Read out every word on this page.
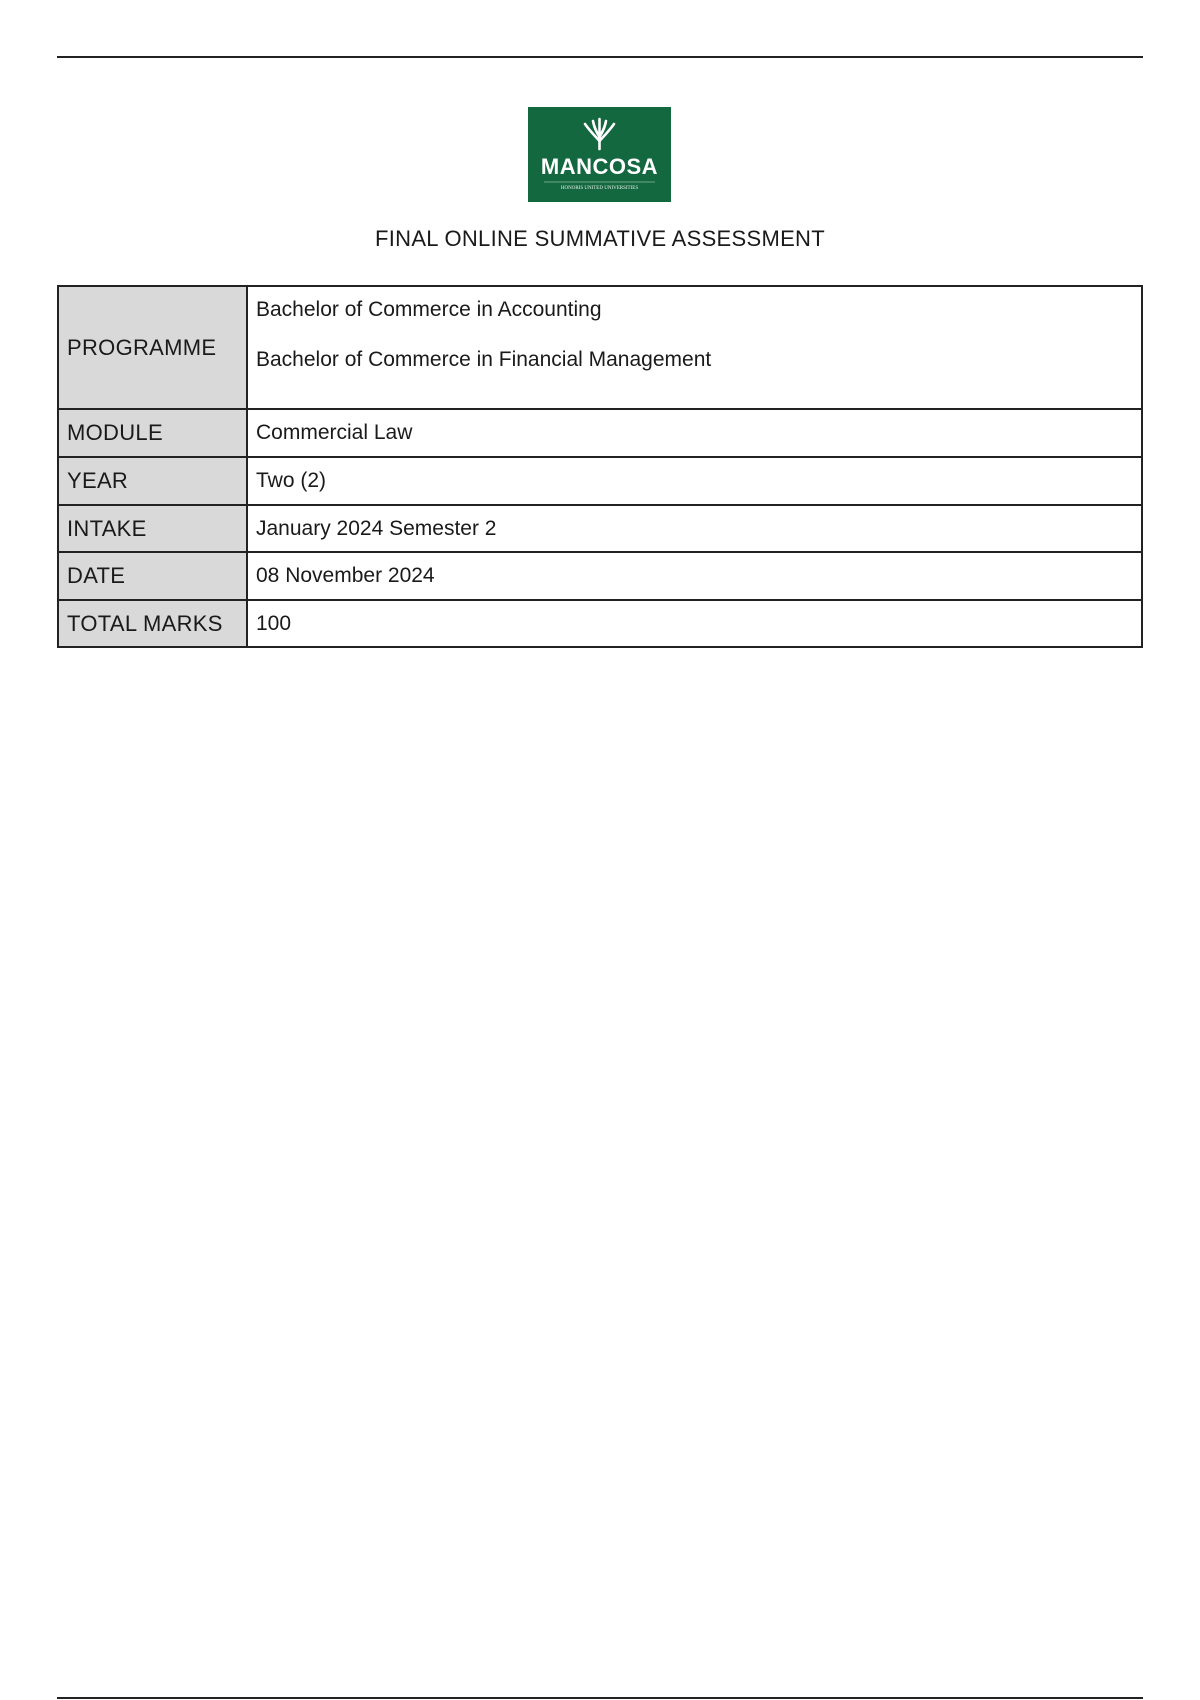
MANCOSA
HONORIS UNITED UNIVERSITIES
FINAL ONLINE SUMMATIVE ASSESSMENT
PROGRAMME	Bachelor of Commerce in Accounting
Bachelor of Commerce in Financial Management

MODULE	Commercial Law
YEAR	Two (2)
INTAKE	January 2024 Semester 2
DATE	08 November 2024
TOTAL MARKS	100
